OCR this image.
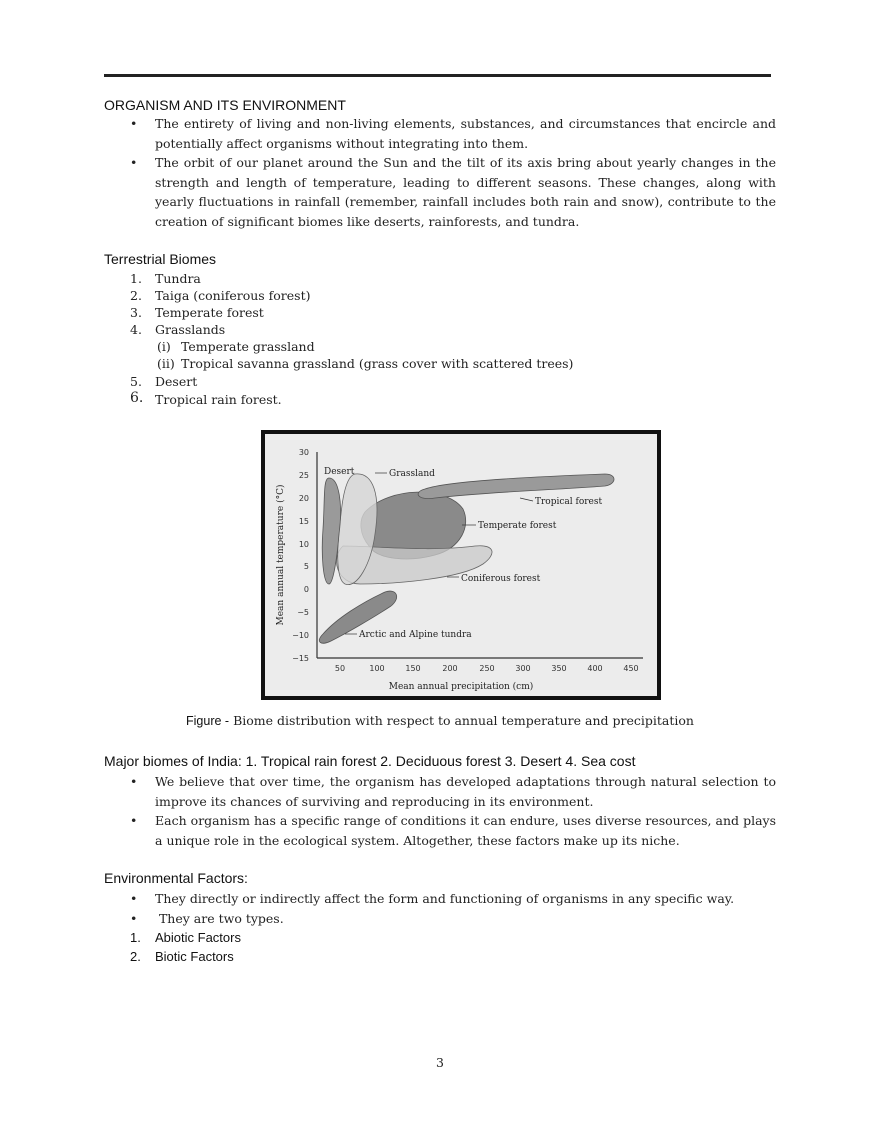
ORGANISM AND ITS ENVIRONMENT
• The entirety of living and non-living elements, substances, and circumstances that encircle and potentially affect organisms without integrating into them.
• The orbit of our planet around the Sun and the tilt of its axis bring about yearly changes in the strength and length of temperature, leading to different seasons. These changes, along with yearly fluctuations in rainfall (remember, rainfall includes both rain and snow), contribute to the creation of significant biomes like deserts, rainforests, and tundra.
Terrestrial Biomes
1. Tundra
2. Taiga (coniferous forest)
3. Temperate forest
4. Grasslands
(i) Temperate grassland
(ii) Tropical savanna grassland (grass cover with scattered trees)
5. Desert
6. Tropical rain forest.
30
25
20
15
10
5
0
−5
−10
−15
50	100	150	200	250	300	350	400	450
Mean annual precipitation (cm)
Mean annual temperature (°C)
Desert	Grassland
Tropical forest
Temperate forest
Coniferous forest
Arctic and Alpine tundra
Figure - Biome distribution with respect to annual temperature and precipitation
Major biomes of India: 1. Tropical rain forest 2. Deciduous forest 3. Desert 4. Sea cost
• We believe that over time, the organism has developed adaptations through natural selection to improve its chances of surviving and reproducing in its environment.
• Each organism has a specific range of conditions it can endure, uses diverse resources, and plays a unique role in the ecological system. Altogether, these factors make up its niche.
Environmental Factors:
• They directly or indirectly affect the form and functioning of organisms in any specific way.
• They are two types.
1. Abiotic Factors
2. Biotic Factors
3
